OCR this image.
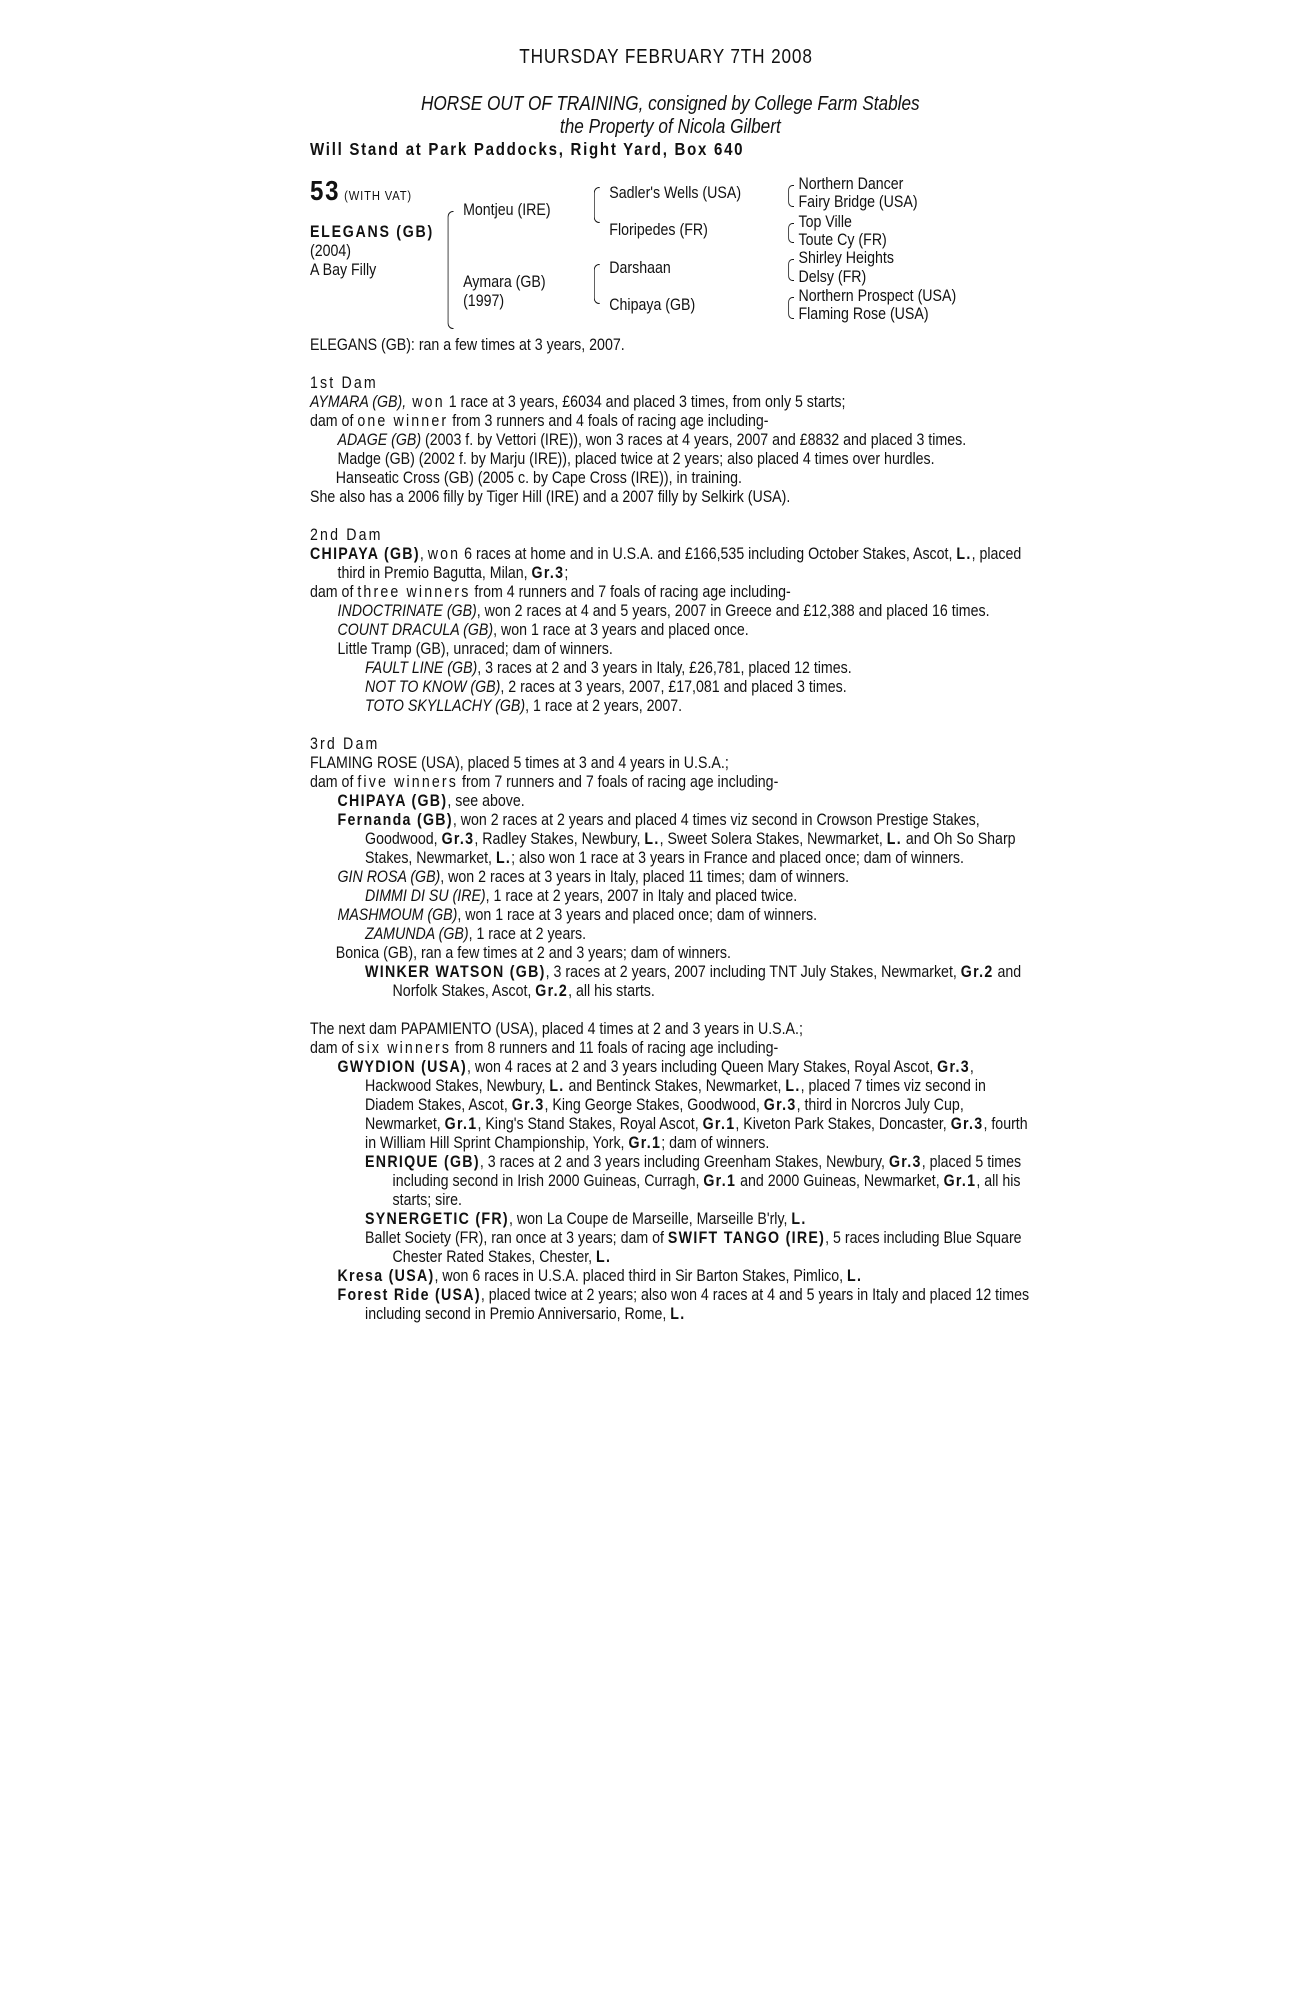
THURSDAY FEBRUARY 7TH 2008
HORSE OUT OF TRAINING, consigned by College Farm Stables
the Property of Nicola Gilbert
Will Stand at Park Paddocks, Right Yard, Box 640
53 (WITH VAT)
ELEGANS (GB)
(2004)
A Bay Filly
Montjeu (IRE)
Aymara (GB)
(1997)
Sadler's Wells (USA)
Floripedes (FR)
Darshaan
Chipaya (GB)
Northern Dancer
Fairy Bridge (USA)
Top Ville
Toute Cy (FR)
Shirley Heights
Delsy (FR)
Northern Prospect (USA)
Flaming Rose (USA)

ELEGANS (GB): ran a few times at 3 years, 2007.

1st Dam

AYMARA (GB), won 1 race at 3 years, £6034 and placed 3 times, from only 5 starts;

dam of one winner from 3 runners and 4 foals of racing age including-

ADAGE (GB) (2003 f. by Vettori (IRE)), won 3 races at 4 years, 2007 and £8832 and placed 3 times.

Madge (GB) (2002 f. by Marju (IRE)), placed twice at 2 years; also placed 4 times over hurdles.

Hanseatic Cross (GB) (2005 c. by Cape Cross (IRE)), in training.

She also has a 2006 filly by Tiger Hill (IRE) and a 2007 filly by Selkirk (USA).

2nd Dam

CHIPAYA (GB), won 6 races at home and in U.S.A. and £166,535 including October Stakes, Ascot, L., placed third in Premio Bagutta, Milan, Gr.3;

dam of three winners from 4 runners and 7 foals of racing age including-

INDOCTRINATE (GB), won 2 races at 4 and 5 years, 2007 in Greece and £12,388 and placed 16 times.

COUNT DRACULA (GB), won 1 race at 3 years and placed once.

Little Tramp (GB), unraced; dam of winners.

FAULT LINE (GB), 3 races at 2 and 3 years in Italy, £26,781, placed 12 times.

NOT TO KNOW (GB), 2 races at 3 years, 2007, £17,081 and placed 3 times.

TOTO SKYLLACHY (GB), 1 race at 2 years, 2007.

3rd Dam

FLAMING ROSE (USA), placed 5 times at 3 and 4 years in U.S.A.;

dam of five winners from 7 runners and 7 foals of racing age including-

CHIPAYA (GB), see above.

Fernanda (GB), won 2 races at 2 years and placed 4 times viz second in Crowson Prestige Stakes, Goodwood, Gr.3, Radley Stakes, Newbury, L., Sweet Solera Stakes, Newmarket, L. and Oh So Sharp Stakes, Newmarket, L.; also won 1 race at 3 years in France and placed once; dam of winners.

GIN ROSA (GB), won 2 races at 3 years in Italy, placed 11 times; dam of winners.

DIMMI DI SU (IRE), 1 race at 2 years, 2007 in Italy and placed twice.

MASHMOUM (GB), won 1 race at 3 years and placed once; dam of winners.

ZAMUNDA (GB), 1 race at 2 years.

Bonica (GB), ran a few times at 2 and 3 years; dam of winners.

WINKER WATSON (GB), 3 races at 2 years, 2007 including TNT July Stakes, Newmarket, Gr.2 and Norfolk Stakes, Ascot, Gr.2, all his starts.

The next dam PAPAMIENTO (USA), placed 4 times at 2 and 3 years in U.S.A.;

dam of six winners from 8 runners and 11 foals of racing age including-

GWYDION (USA), won 4 races at 2 and 3 years including Queen Mary Stakes, Royal Ascot, Gr.3, Hackwood Stakes, Newbury, L. and Bentinck Stakes, Newmarket, L., placed 7 times viz second in Diadem Stakes, Ascot, Gr.3, King George Stakes, Goodwood, Gr.3, third in Norcros July Cup, Newmarket, Gr.1, King's Stand Stakes, Royal Ascot, Gr.1, Kiveton Park Stakes, Doncaster, Gr.3, fourth in William Hill Sprint Championship, York, Gr.1; dam of winners.

ENRIQUE (GB), 3 races at 2 and 3 years including Greenham Stakes, Newbury, Gr.3, placed 5 times including second in Irish 2000 Guineas, Curragh, Gr.1 and 2000 Guineas, Newmarket, Gr.1, all his starts; sire.

SYNERGETIC (FR), won La Coupe de Marseille, Marseille B'rly, L.

Ballet Society (FR), ran once at 3 years; dam of SWIFT TANGO (IRE), 5 races including Blue Square Chester Rated Stakes, Chester, L.

Kresa (USA), won 6 races in U.S.A. placed third in Sir Barton Stakes, Pimlico, L.

Forest Ride (USA), placed twice at 2 years; also won 4 races at 4 and 5 years in Italy and placed 12 times including second in Premio Anniversario, Rome, L.
